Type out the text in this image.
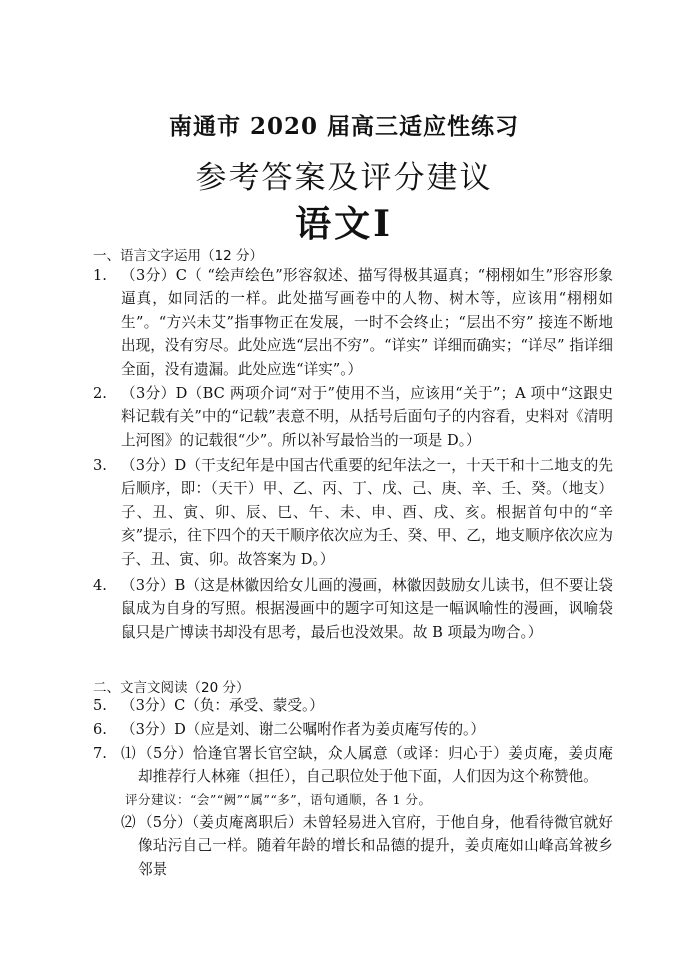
南通市 2020 届高三适应性练习
参考答案及评分建议
语文Ⅰ
一、语言文字运用（12 分）
1. （3分）C（ “绘声绘色”形容叙述、描写得极其逼真；“栩栩如生”形容形象逼真，如同活的一样。此处描写画卷中的人物、树木等，应该用“栩栩如生”。“方兴未艾”指事物正在发展，一时不会终止；“层出不穷” 接连不断地出现，没有穷尽。此处应选“层出不穷”。“详实” 详细而确实；“详尽” 指详细全面，没有遗漏。此处应选“详实”。）
2. （3分）D（BC 两项介词“对于”使用不当，应该用“关于”；A 项中“这跟史料记载有关”中的“记载”表意不明，从括号后面句子的内容看，史料对《清明上河图》的记载很“少”。所以补写最恰当的一项是 D。）
3. （3分）D（干支纪年是中国古代重要的纪年法之一，十天干和十二地支的先后顺序，即：（天干）甲、乙、丙、丁、戊、己、庚、辛、壬、癸。（地支）子、丑、寅、卯、辰、巳、午、未、申、酉、戌、亥。根据首句中的“辛亥”提示，往下四个的天干顺序依次应为壬、癸、甲、乙，地支顺序依次应为子、丑、寅、卯。故答案为 D。）
4. （3分）B（这是林徽因给女儿画的漫画，林徽因鼓励女儿读书，但不要让袋鼠成为自身的写照。根据漫画中的题字可知这是一幅讽喻性的漫画，讽喻袋鼠只是广博读书却没有思考，最后也没效果。故 B 项最为吻合。）
二、文言文阅读（20 分）
5. （3分）C（负：承受、蒙受。）
6. （3分）D（应是刘、谢二公嘱咐作者为姜贞庵写传的。）
7. ⑴ （5分）恰逢官署长官空缺，众人属意（或译：归心于）姜贞庵，姜贞庵却推荐行人林雍（担任），自己职位处于他下面，人们因为这个称赞他。
评分建议：“会”“阙”“属”“多”，语句通顺，各 1 分。
⑵ （5分）（姜贞庵离职后）未曾轻易进入官府，于他自身，他看待微官就好像玷污自己一样。随着年龄的增长和品德的提升，姜贞庵如山峰高耸被乡邻景
